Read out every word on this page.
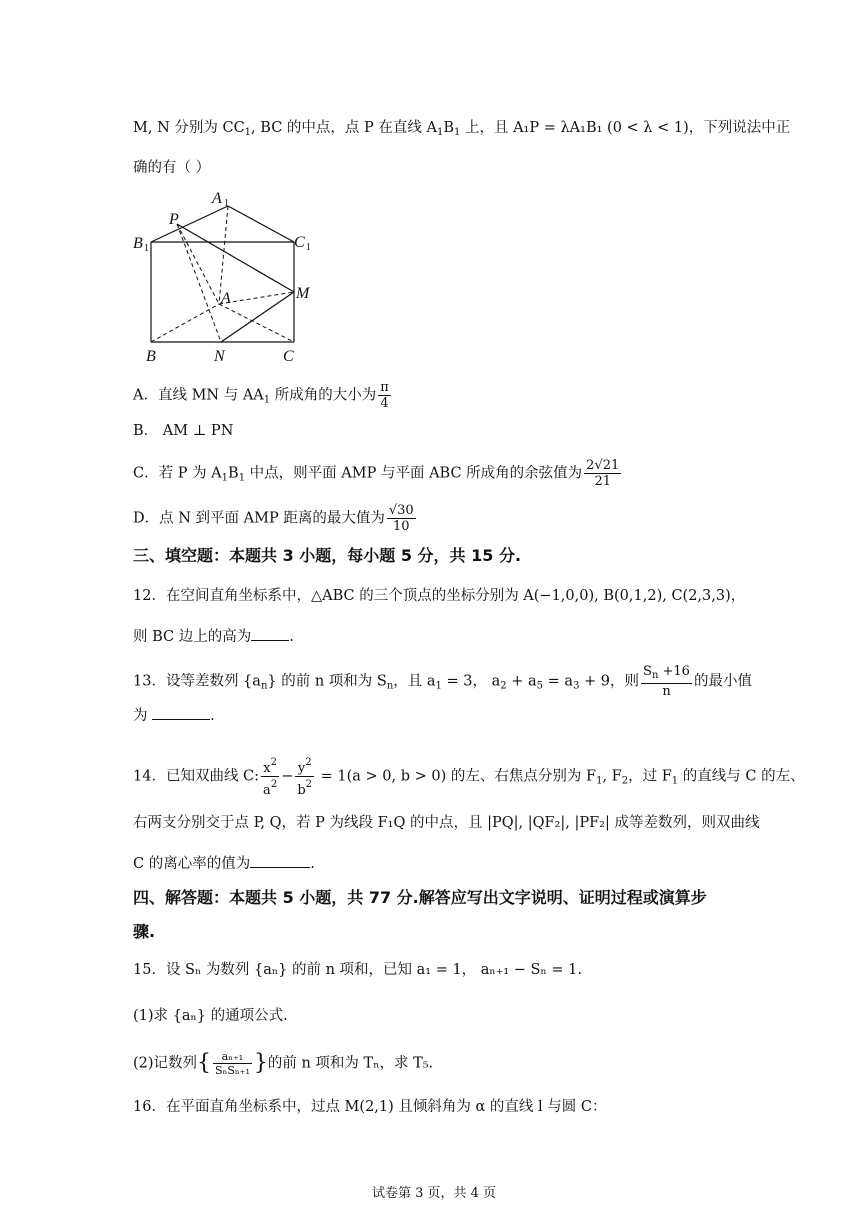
M, N 分别为 $CC_1$, BC 的中点，点 P 在直线 $A_1B_1$ 上，且 A₁P = λA₁B₁ (0 < λ < 1)，下列说法中正
确的有（ ）
A 1
B 1	C 1
P
A	M
B	N	C
A．直线 MN 与 $AA_1$ 所成角的大小为 $\frac{\pi}{4}$
B． AM ⊥ PN
C．若 P 为 $A_1B_1$ 中点，则平面 AMP 与平面 ABC 所成角的余弦值为 $\frac{2√21}{21}$
D．点 N 到平面 AMP 距离的最大值为 $\frac{√30}{10}$
三、填空题：本题共 3 小题，每小题 5 分，共 15 分.
12．在空间直角坐标系中，△ABC 的三个顶点的坐标分别为 A(−1,0,0), B(0,1,2), C(2,3,3)，
则 BC 边上的高为	.
13．设等差数列 $\{a_n\}$ 的前 n 项和为 $S_n$，且 $a_1 = 3$， $a_2 + a_5 = a_3 + 9$，则 $\frac{S_n +16}{n}$ 的最小值
为	.
14．已知双曲线 C: $\frac{x^2}{a^2} - \frac{y^2}{b^2} = 1(a > 0$, b > 0) 的左、右焦点分别为 $F_1$, $F_2$，过 $F_1$ 的直线与 C 的左、
右两支分别交于点 P, Q，若 P 为线段 F₁Q 的中点，且 |PQ|, |QF₂|, |PF₂| 成等差数列，则双曲线
C 的离心率的值为	.
四、解答题：本题共 5 小题，共 77 分.解答应写出文字说明、证明过程或演算步
骤.
15．设 Sₙ 为数列 {aₙ} 的前 n 项和，已知 a₁ = 1， aₙ₊₁ − Sₙ = 1.
(1)求 {aₙ} 的通项公式.
(2)记数列{ $\frac{\text{aₙ₊₁}}{\text{SₙSₙ₊₁}}$ }的前 n 项和为 Tₙ，求 T₅.
16．在平面直角坐标系中，过点 M(2,1) 且倾斜角为 α 的直线 l 与圆 C：
试卷第 3 页，共 4 页
